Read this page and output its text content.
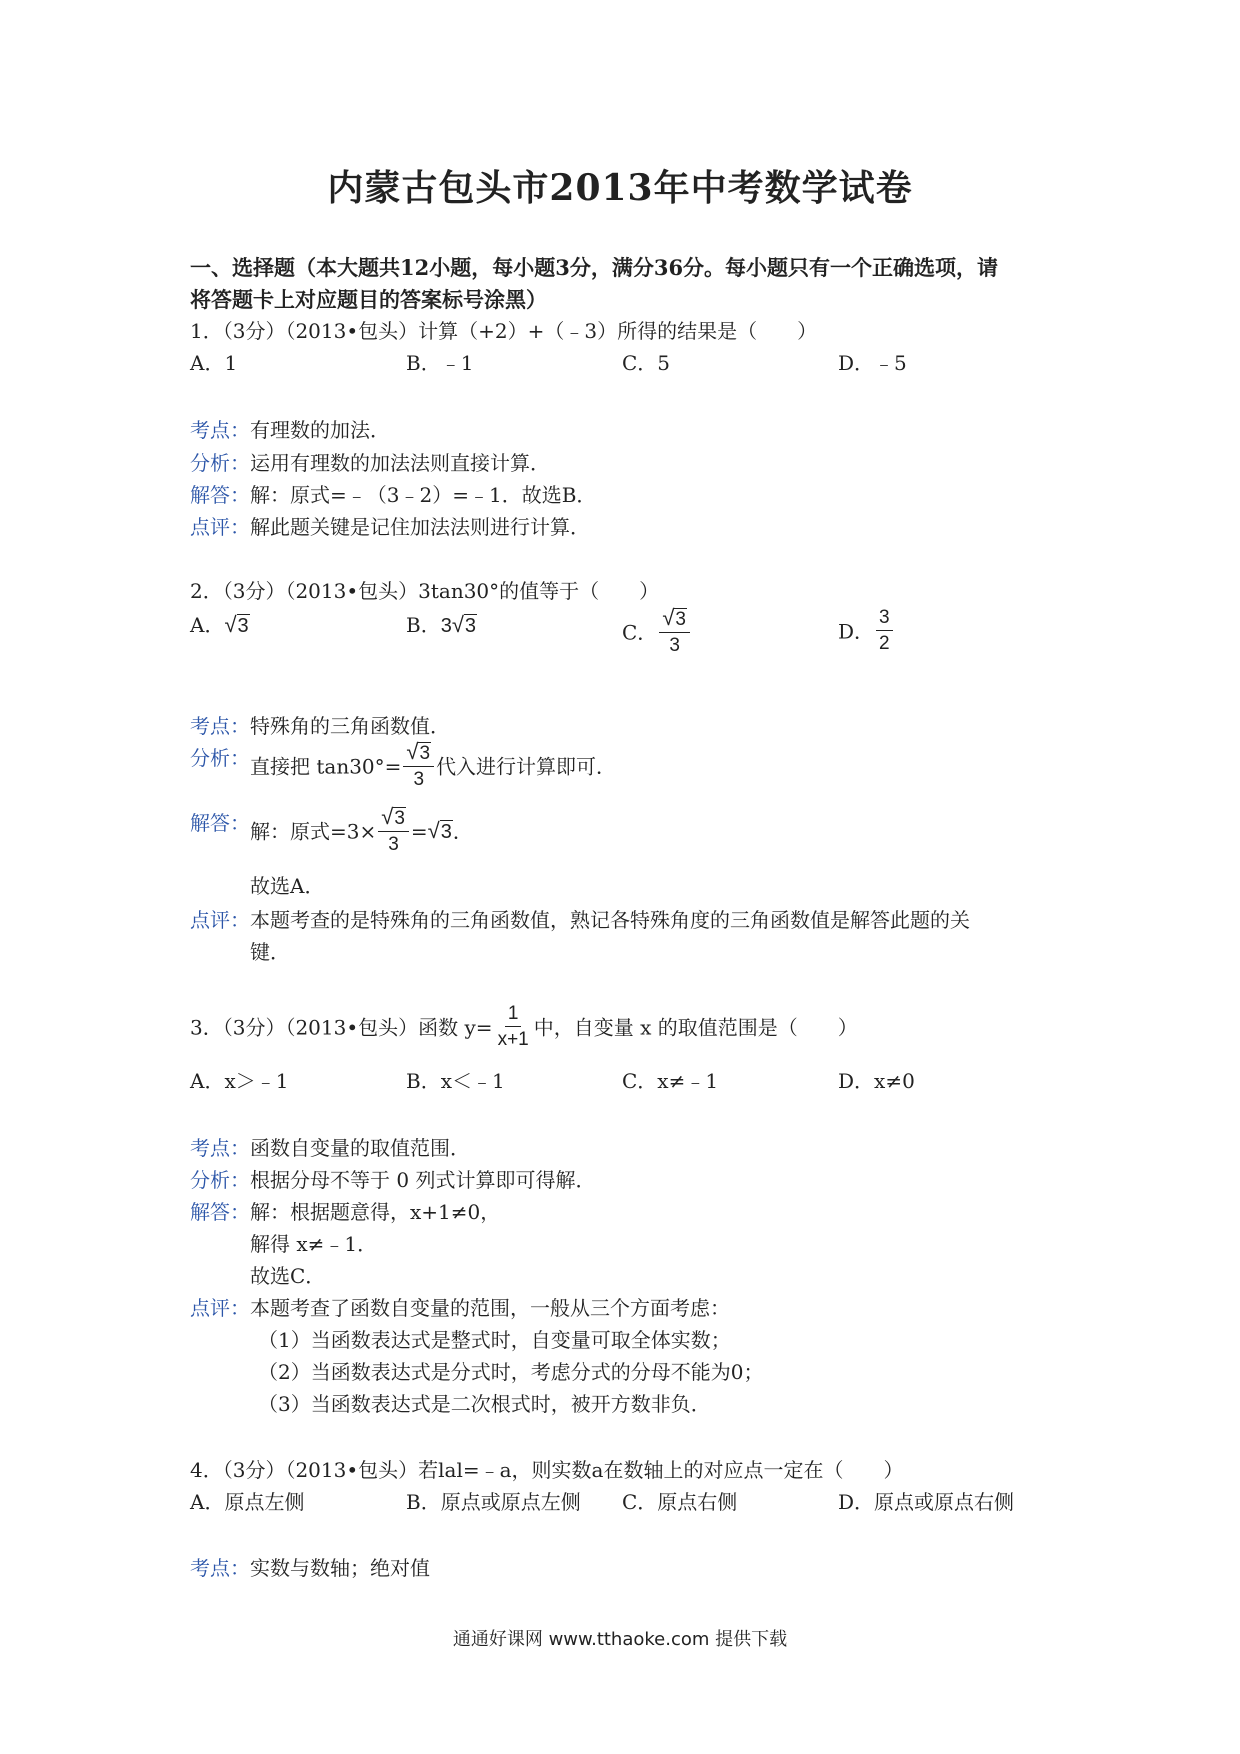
内蒙古包头市2013年中考数学试卷
一、选择题（本大题共12小题，每小题3分，满分36分。每小题只有一个正确选项，请
将答题卡上对应题目的答案标号涂黑）
1．（3分）（2013•包头）计算（+2）+（﹣3）所得的结果是（　　）
A．1	B．﹣1	C．5	D．﹣5
考点：有理数的加法．
分析：运用有理数的加法法则直接计算．
解答：解：原式=﹣（3﹣2）=﹣1．故选B．
点评：解此题关键是记住加法法则进行计算．
2．（3分）（2013•包头）3tan30°的值等于（　　）
A．√3	B．3√3	C． $\frac{√3}{3}$	D． $\frac{3}{2}$
考点：特殊角的三角函数值．
分析： 直接把 $\tan 30^\circ= \frac{√3}{3}$ 代入进行计算即可．
解答： 解：原式$=3\times \frac{√3}{3} =√3$．
故选A．
点评：本题考查的是特殊角的三角函数值，熟记各特殊角度的三角函数值是解答此题的关
键．
3．（3分）（2013•包头）函数 $y= \frac{1}{x+1}$ 中，自变量 x 的取值范围是（　　）
A．x＞﹣1	B．x＜﹣1	C．x≠﹣1	D．x≠0
考点：函数自变量的取值范围．
分析：根据分母不等于 0 列式计算即可得解．
解答：解：根据题意得，x+1≠0，
解得 x≠﹣1．
故选C．
点评：本题考查了函数自变量的范围，一般从三个方面考虑：
（1）当函数表达式是整式时，自变量可取全体实数；
（2）当函数表达式是分式时，考虑分式的分母不能为0；
（3）当函数表达式是二次根式时，被开方数非负．
4．（3分）（2013•包头）若lal=﹣a，则实数a在数轴上的对应点一定在（　　）
A．原点左侧	B．原点或原点左侧 C．原点右侧	D．原点或原点右侧
考点：实数与数轴；绝对值
通通好课网 www.tthaoke.com 提供下载
